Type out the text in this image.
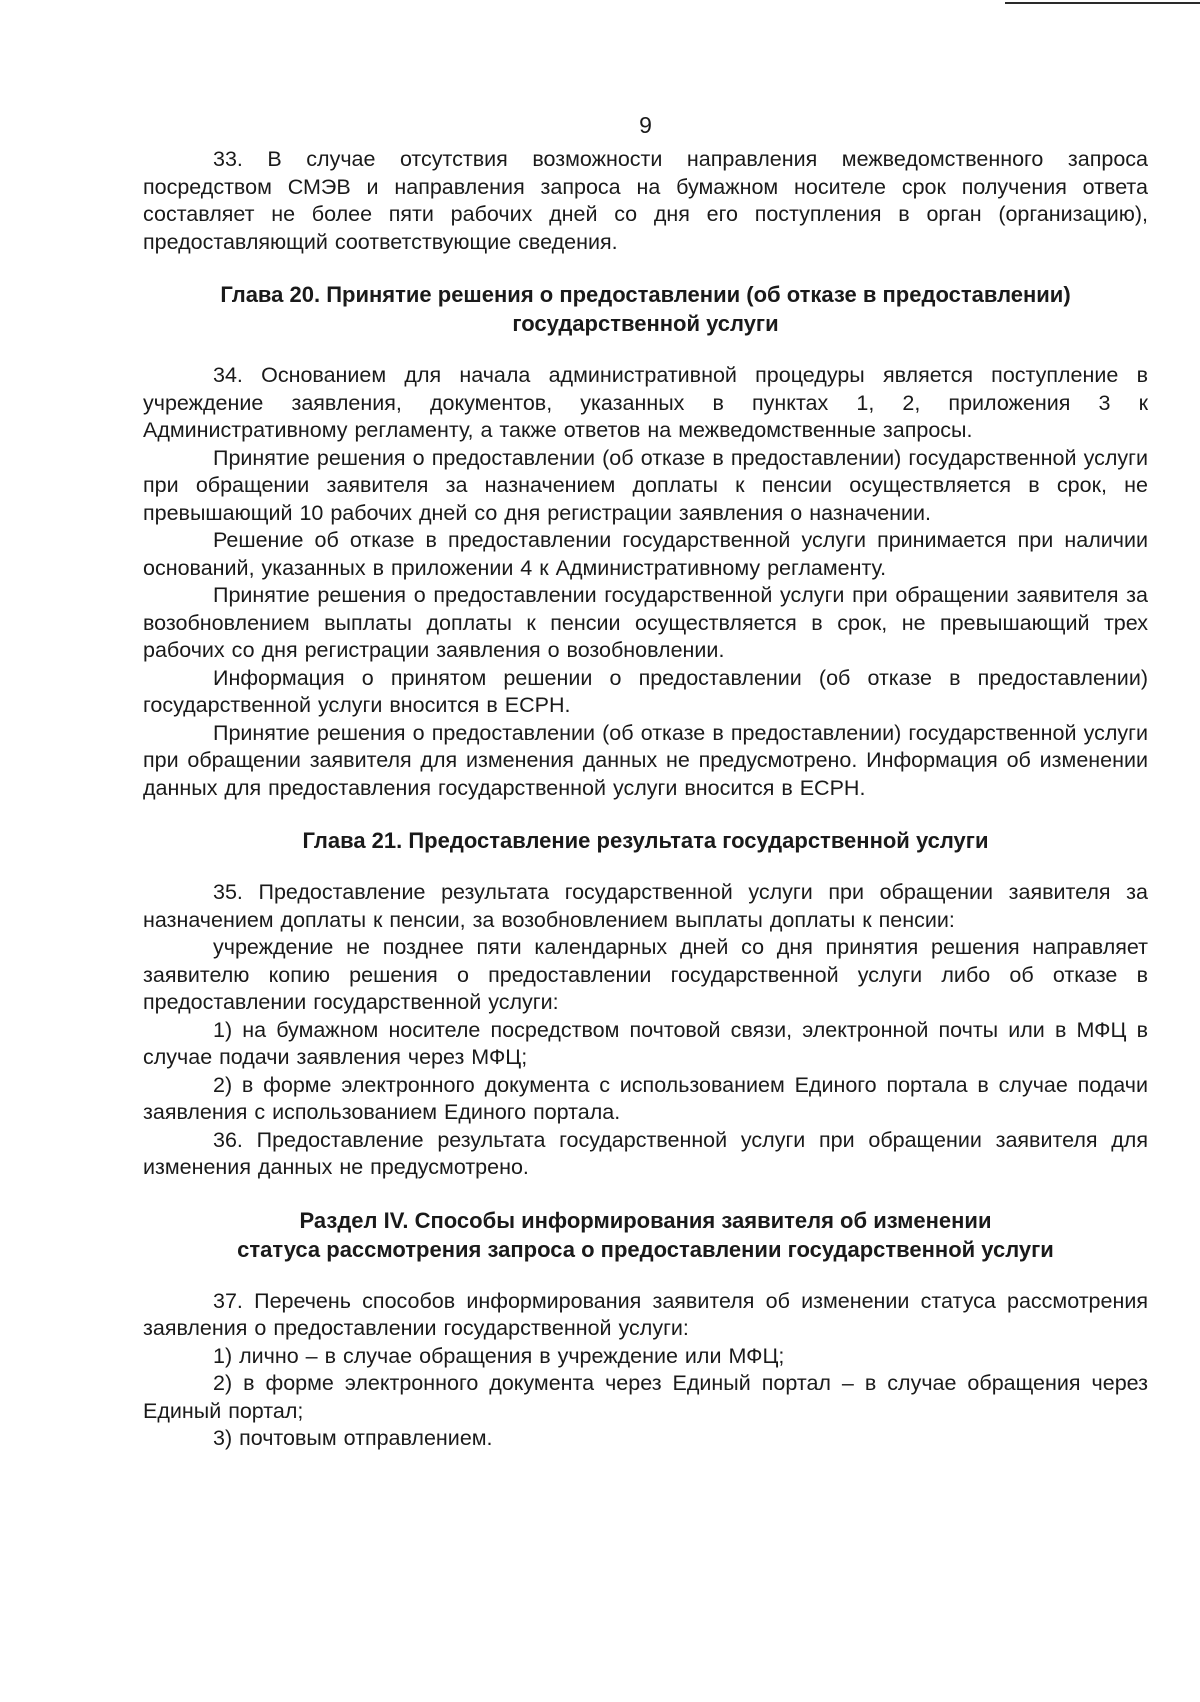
9

33. В случае отсутствия возможности направления межведомственного запроса посредством СМЭВ и направления запроса на бумажном носителе срок получения ответа составляет не более пяти рабочих дней со дня его поступления в орган (организацию), предоставляющий соответствующие сведения.

Глава 20. Принятие решения о предоставлении (об отказе в предоставлении)
государственной услуги

34. Основанием для начала административной процедуры является поступление в учреждение заявления, документов, указанных в пунктах 1, 2, приложения 3 к Административному регламенту, а также ответов на межведомственные запросы.

Принятие решения о предоставлении (об отказе в предоставлении) государственной услуги при обращении заявителя за назначением доплаты к пенсии осуществляется в срок, не превышающий 10 рабочих дней со дня регистрации заявления о назначении.

Решение об отказе в предоставлении государственной услуги принимается при наличии оснований, указанных в приложении 4 к Административному регламенту.

Принятие решения о предоставлении государственной услуги при обращении заявителя за возобновлением выплаты доплаты к пенсии осуществляется в срок, не превышающий трех рабочих со дня регистрации заявления о возобновлении.

Информация о принятом решении о предоставлении (об отказе в предоставлении) государственной услуги вносится в ЕСРН.

Принятие решения о предоставлении (об отказе в предоставлении) государственной услуги при обращении заявителя для изменения данных не предусмотрено. Информация об изменении данных для предоставления государственной услуги вносится в ЕСРН.

Глава 21. Предоставление результата государственной услуги

35. Предоставление результата государственной услуги при обращении заявителя за назначением доплаты к пенсии, за возобновлением выплаты доплаты к пенсии:

учреждение не позднее пяти календарных дней со дня принятия решения направляет заявителю копию решения о предоставлении государственной услуги либо об отказе в предоставлении государственной услуги:

1) на бумажном носителе посредством почтовой связи, электронной почты или в МФЦ в случае подачи заявления через МФЦ;

2) в форме электронного документа с использованием Единого портала в случае подачи заявления с использованием Единого портала.

36. Предоставление результата государственной услуги при обращении заявителя для изменения данных не предусмотрено.

Раздел IV. Способы информирования заявителя об изменении
статуса рассмотрения запроса о предоставлении государственной услуги

37. Перечень способов информирования заявителя об изменении статуса рассмотрения заявления о предоставлении государственной услуги:

1) лично – в случае обращения в учреждение или МФЦ;

2) в форме электронного документа через Единый портал – в случае обращения через Единый портал;

3) почтовым отправлением.
